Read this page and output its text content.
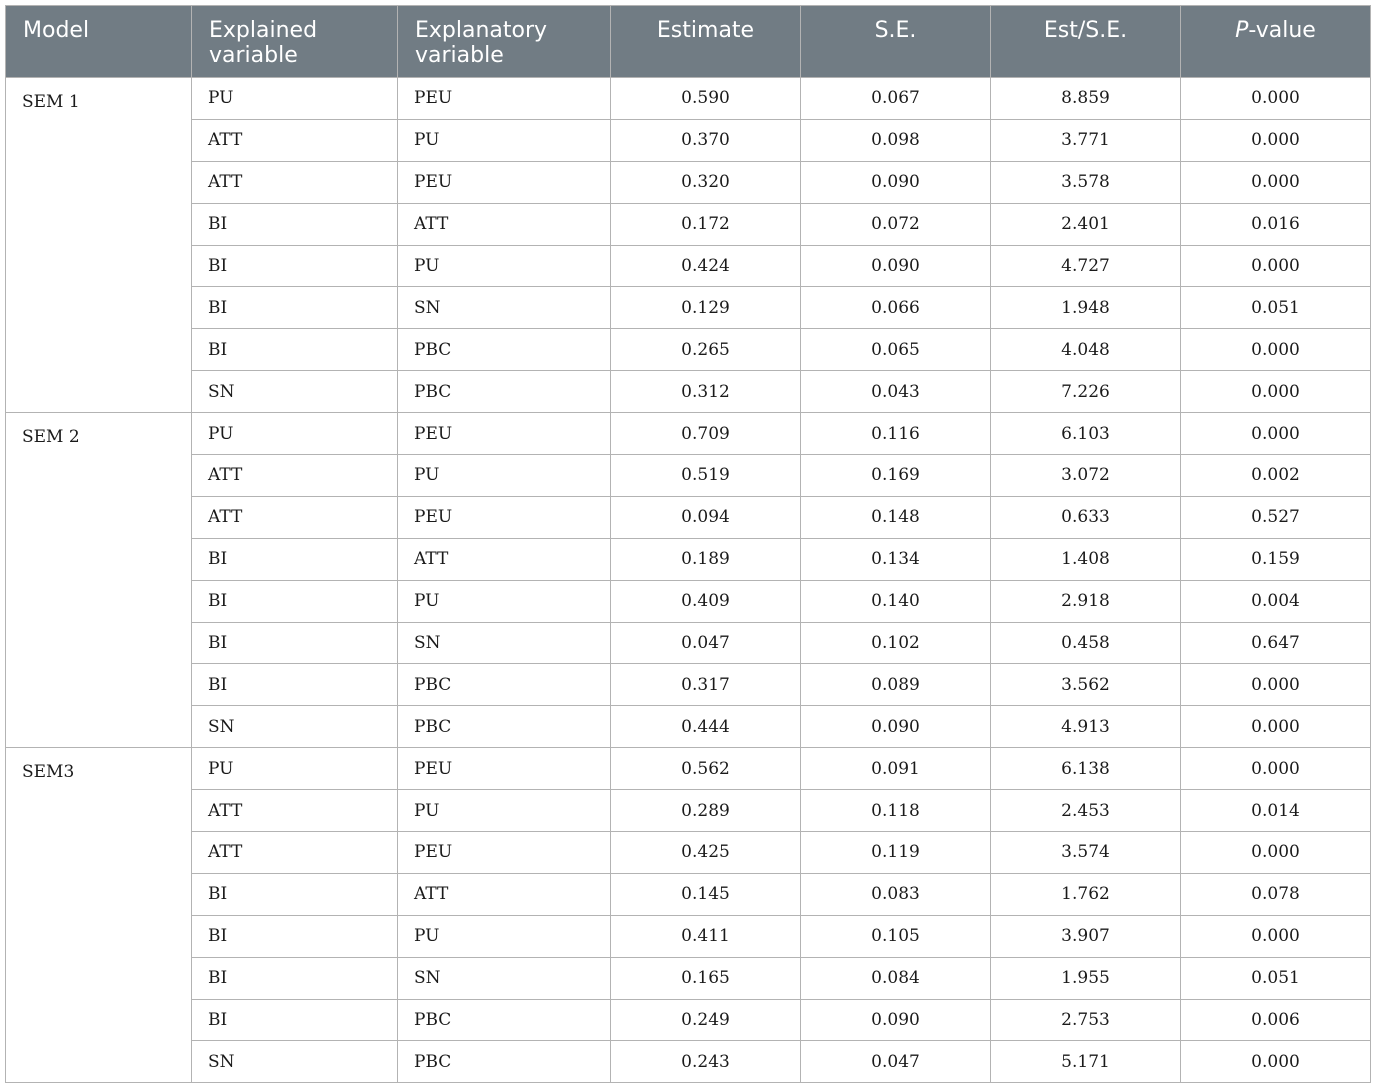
Model	Explained variable	Explanatory variable	Estimate	S.E.	Est/S.E.	P-value
SEM 1	PU	PEU	0.590	0.067	8.859	0.000
	ATT	PU	0.370	0.098	3.771	0.000
	ATT	PEU	0.320	0.090	3.578	0.000
	BI	ATT	0.172	0.072	2.401	0.016
	BI	PU	0.424	0.090	4.727	0.000
	BI	SN	0.129	0.066	1.948	0.051
	BI	PBC	0.265	0.065	4.048	0.000
	SN	PBC	0.312	0.043	7.226	0.000
SEM 2	PU	PEU	0.709	0.116	6.103	0.000
	ATT	PU	0.519	0.169	3.072	0.002
	ATT	PEU	0.094	0.148	0.633	0.527
	BI	ATT	0.189	0.134	1.408	0.159
	BI	PU	0.409	0.140	2.918	0.004
	BI	SN	0.047	0.102	0.458	0.647
	BI	PBC	0.317	0.089	3.562	0.000
	SN	PBC	0.444	0.090	4.913	0.000
SEM3	PU	PEU	0.562	0.091	6.138	0.000
	ATT	PU	0.289	0.118	2.453	0.014
	ATT	PEU	0.425	0.119	3.574	0.000
	BI	ATT	0.145	0.083	1.762	0.078
	BI	PU	0.411	0.105	3.907	0.000
	BI	SN	0.165	0.084	1.955	0.051
	BI	PBC	0.249	0.090	2.753	0.006
	SN	PBC	0.243	0.047	5.171	0.000
